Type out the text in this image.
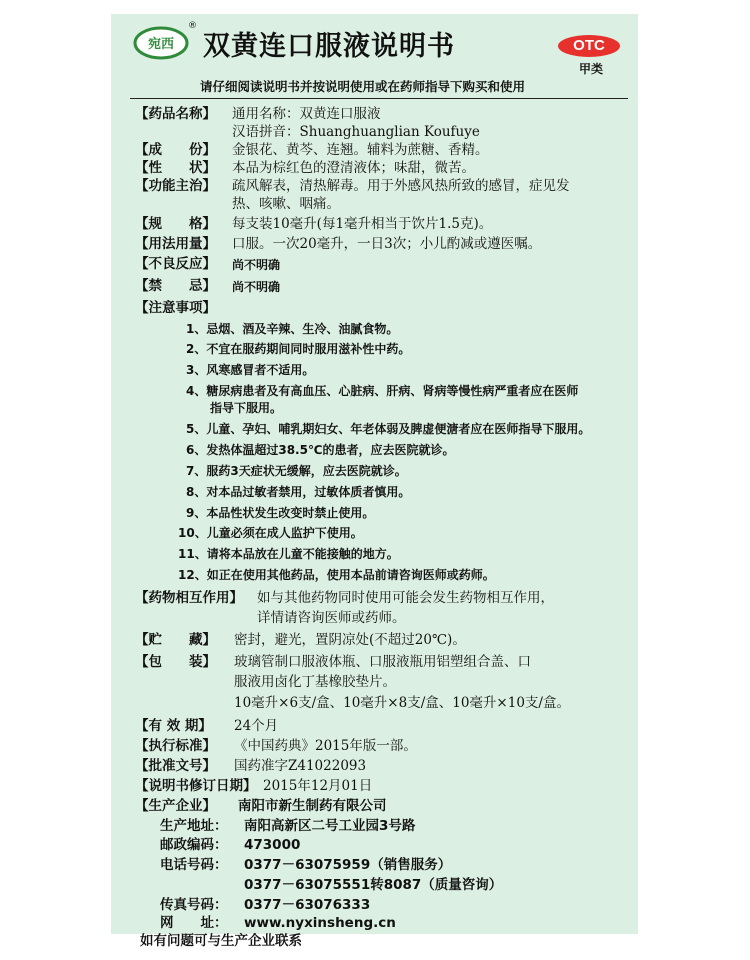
宛西
®
双黄连口服液说明书	OTC
甲类
请仔细阅读说明书并按说明使用或在药师指导下购买和使用
【药品名称】 通用名称：双黄连口服液
汉语拼音：Shuanghuanglian Koufuye
【成　　份】 金银花、黄芩、连翘。辅料为蔗糖、香精。
【性　　状】 本品为棕红色的澄清液体；味甜，微苦。
【功能主治】 疏风解表，清热解毒。用于外感风热所致的感冒，症见发
热、咳嗽、咽痛。
【规　　格】 每支装10毫升(每1毫升相当于饮片1.5克)。
【用法用量】 口服。一次20毫升，一日3次；小儿酌减或遵医嘱。
【不良反应】 尚不明确
【禁　　忌】 尚不明确
【注意事项】
1、忌烟、酒及辛辣、生冷、油腻食物。
2、不宜在服药期间同时服用滋补性中药。
3、风寒感冒者不适用。
4、糖尿病患者及有高血压、心脏病、肝病、肾病等慢性病严重者应在医师
指导下服用。
5、儿童、孕妇、哺乳期妇女、年老体弱及脾虚便溏者应在医师指导下服用。
6、发热体温超过38.5℃的患者，应去医院就诊。
7、服药3天症状无缓解，应去医院就诊。
8、对本品过敏者禁用，过敏体质者慎用。
9、本品性状发生改变时禁止使用。
10、儿童必须在成人监护下使用。
11、请将本品放在儿童不能接触的地方。
12、如正在使用其他药品，使用本品前请咨询医师或药师。
【药物相互作用】 如与其他药物同时使用可能会发生药物相互作用，
详情请咨询医师或药师。
【贮　　藏】 密封，避光，置阴凉处(不超过20℃)。
【包　　装】 玻璃管制口服液体瓶、口服液瓶用铝塑组合盖、口
服液用卤化丁基橡胶垫片。
10毫升×6支/盒、10毫升×8支/盒、10毫升×10支/盒。
【有 效 期】 24个月
【执行标准】 《中国药典》2015年版一部。
【批准文号】 国药准字Z41022093
【说明书修订日期】 2015年12月01日
【生产企业】 南阳市新生制药有限公司
生产地址： 南阳高新区二号工业园3号路
邮政编码： 473000
电话号码： 0377－63075959（销售服务）
0377－63075551转8087（质量咨询）
传真号码： 0377－63076333
网　　址： www.nyxinsheng.cn
如有问题可与生产企业联系
